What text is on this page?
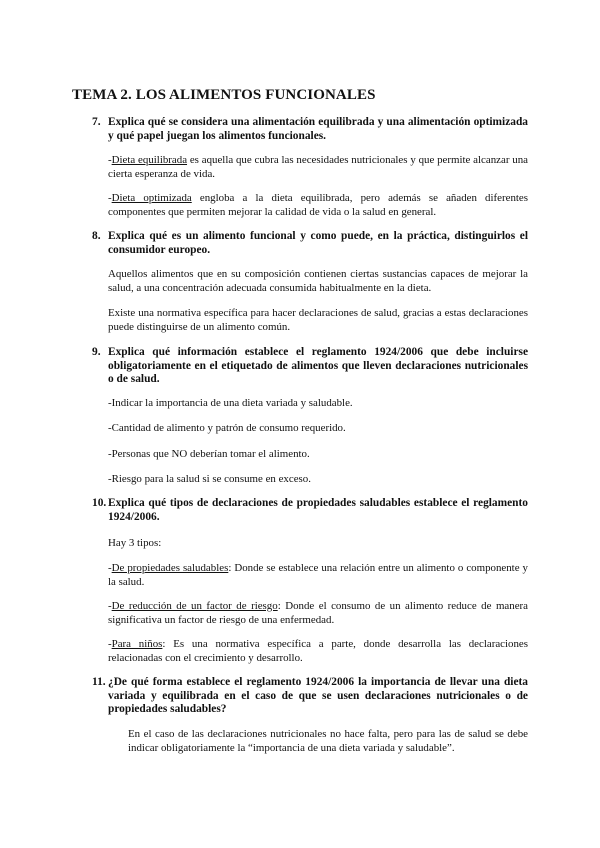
TEMA 2. LOS ALIMENTOS FUNCIONALES
7. Explica qué se considera una alimentación equilibrada y una alimentación optimizada y qué papel juegan los alimentos funcionales.

-Dieta equilibrada es aquella que cubra las necesidades nutricionales y que permite alcanzar una cierta esperanza de vida.

-Dieta optimizada engloba a la dieta equilibrada, pero además se añaden diferentes componentes que permiten mejorar la calidad de vida o la salud en general.

8. Explica qué es un alimento funcional y como puede, en la práctica, distinguirlos el consumidor europeo.

Aquellos alimentos que en su composición contienen ciertas sustancias capaces de mejorar la salud, a una concentración adecuada consumida habitualmente en la dieta.

Existe una normativa específica para hacer declaraciones de salud, gracias a estas declaraciones puede distinguirse de un alimento común.

9. Explica qué información establece el reglamento 1924/2006 que debe incluirse obligatoriamente en el etiquetado de alimentos que lleven declaraciones nutricionales o de salud.

-Indicar la importancia de una dieta variada y saludable.

-Cantidad de alimento y patrón de consumo requerido.

-Personas que NO deberían tomar el alimento.

-Riesgo para la salud si se consume en exceso.

10. Explica qué tipos de declaraciones de propiedades saludables establece el reglamento 1924/2006.

Hay 3 tipos:

-De propiedades saludables: Donde se establece una relación entre un alimento o componente y la salud.

-De reducción de un factor de riesgo: Donde el consumo de un alimento reduce de manera significativa un factor de riesgo de una enfermedad.

-Para niños: Es una normativa específica a parte, donde desarrolla las declaraciones relacionadas con el crecimiento y desarrollo.

11. ¿De qué forma establece el reglamento 1924/2006 la importancia de llevar una dieta variada y equilibrada en el caso de que se usen declaraciones nutricionales o de propiedades saludables?

En el caso de las declaraciones nutricionales no hace falta, pero para las de salud se debe indicar obligatoriamente la “importancia de una dieta variada y saludable”.
